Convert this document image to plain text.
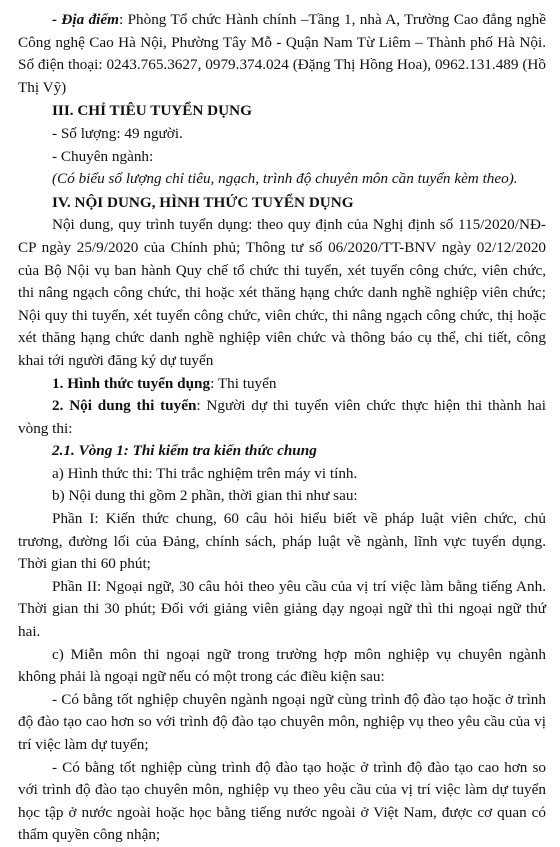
- Địa điểm: Phòng Tổ chức Hành chính –Tầng 1, nhà A, Trường Cao đẳng nghề Công nghệ Cao Hà Nội, Phường Tây Mỗ - Quận Nam Từ Liêm – Thành phố Hà Nội. Số điện thoại: 0243.765.3627, 0979.374.024 (Đặng Thị Hồng Hoa), 0962.131.489 (Hồ Thị Vỹ)

III. CHỈ TIÊU TUYỂN DỤNG

- Số lượng: 49 người.

- Chuyên ngành:

(Có biểu số lượng chỉ tiêu, ngạch, trình độ chuyên môn cần tuyển kèm theo).

IV. NỘI DUNG, HÌNH THỨC TUYỂN DỤNG

Nội dung, quy trình tuyển dụng: theo quy định của Nghị định số 115/2020/NĐ-CP ngày 25/9/2020 của Chính phủ; Thông tư số 06/2020/TT-BNV ngày 02/12/2020 của Bộ Nội vụ ban hành Quy chế tổ chức thi tuyển, xét tuyển công chức, viên chức, thi nâng ngạch công chức, thi hoặc xét thăng hạng chức danh nghề nghiệp viên chức; Nội quy thi tuyển, xét tuyển công chức, viên chức, thi nâng ngạch công chức, thị hoặc xét thăng hạng chức danh nghề nghiệp viên chức và thông báo cụ thể, chi tiết, công khai tới người đăng ký dự tuyển

1. Hình thức tuyển dụng: Thi tuyển

2. Nội dung thi tuyển: Người dự thi tuyển viên chức thực hiện thi thành hai vòng thi:

2.1. Vòng 1: Thi kiểm tra kiến thức chung

a) Hình thức thi: Thi trắc nghiệm trên máy vi tính.

b) Nội dung thi gồm 2 phần, thời gian thi như sau:

Phần I: Kiến thức chung, 60 câu hỏi hiểu biết về pháp luật viên chức, chủ trương, đường lối của Đảng, chính sách, pháp luật về ngành, lĩnh vực tuyển dụng. Thời gian thi 60 phút;

Phần II: Ngoại ngữ, 30 câu hỏi theo yêu cầu của vị trí việc làm bằng tiếng Anh. Thời gian thi 30 phút; Đối với giảng viên giảng dạy ngoại ngữ thì thi ngoại ngữ thứ hai.

c) Miễn môn thi ngoại ngữ trong trường hợp môn nghiệp vụ chuyên ngành không phải là ngoại ngữ nếu có một trong các điều kiện sau:

- Có bằng tốt nghiệp chuyên ngành ngoại ngữ cùng trình độ đào tạo hoặc ở trình độ đào tạo cao hơn so với trình độ đào tạo chuyên môn, nghiệp vụ theo yêu cầu của vị trí việc làm dự tuyển;

- Có bằng tốt nghiệp cùng trình độ đào tạo hoặc ở trình độ đào tạo cao hơn so với trình độ đào tạo chuyên môn, nghiệp vụ theo yêu cầu của vị trí việc làm dự tuyển học tập ở nước ngoài hoặc học bằng tiếng nước ngoài ở Việt Nam, được cơ quan có thẩm quyền công nhận;
